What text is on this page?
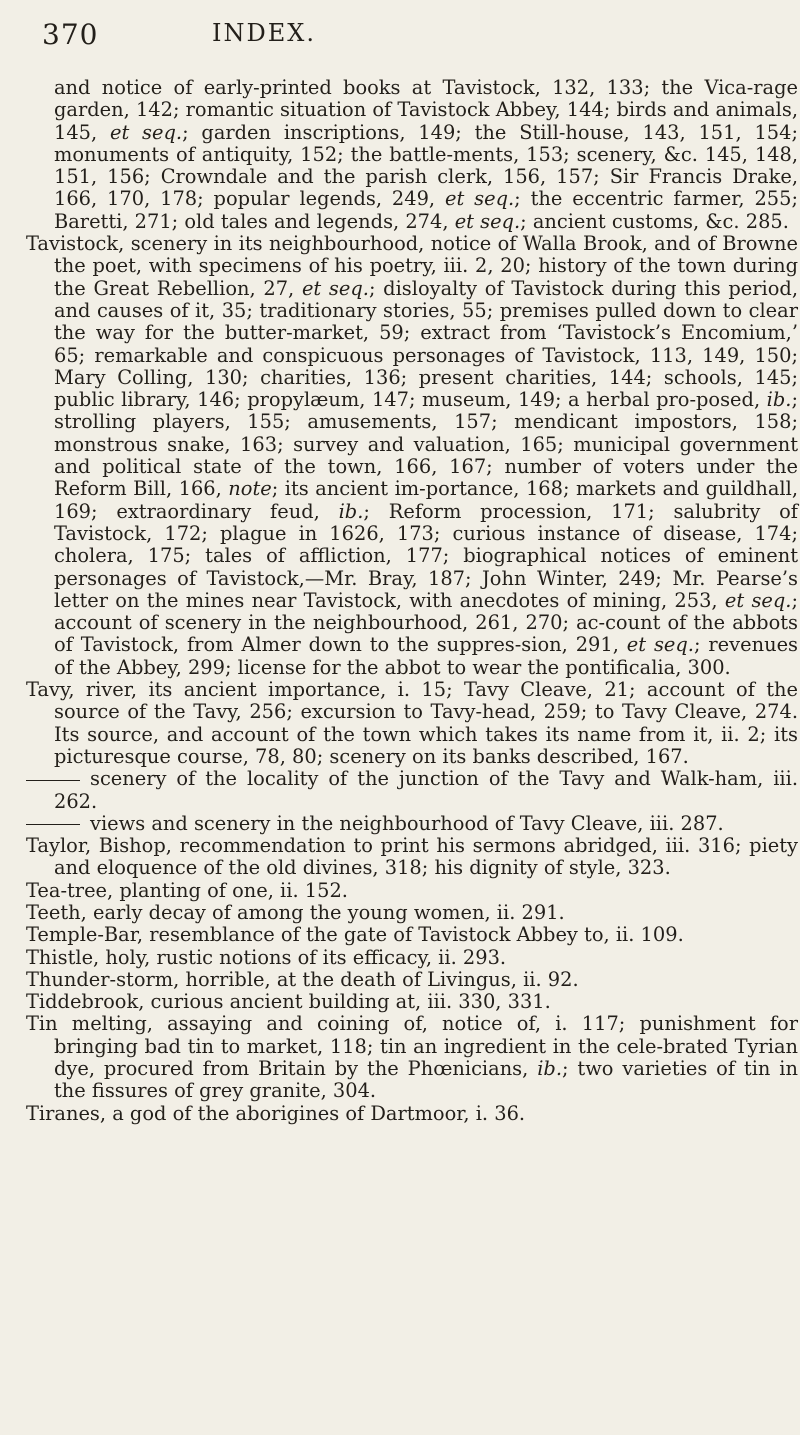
370	INDEX.

and notice of early-printed books at Tavistock, 132, 133; the Vica-rage garden, 142; romantic situation of Tavistock Abbey, 144; birds and animals, 145, et seq.; garden inscriptions, 149; the Still-house, 143, 151, 154; monuments of antiquity, 152; the battle-ments, 153; scenery, &c. 145, 148, 151, 156; Crowndale and the parish clerk, 156, 157; Sir Francis Drake, 166, 170, 178; popular legends, 249, et seq.; the eccentric farmer, 255; Baretti, 271; old tales and legends, 274, et seq.; ancient customs, &c. 285.

Tavistock, scenery in its neighbourhood, notice of Walla Brook, and of Browne the poet, with specimens of his poetry, iii. 2, 20; history of the town during the Great Rebellion, 27, et seq.; disloyalty of Tavistock during this period, and causes of it, 35; traditionary stories, 55; premises pulled down to clear the way for the butter-market, 59; extract from ‘Tavistock’s Encomium,’ 65; remarkable and conspicuous personages of Tavistock, 113, 149, 150; Mary Colling, 130; charities, 136; present charities, 144; schools, 145; public library, 146; propylæum, 147; museum, 149; a herbal pro-posed, ib.; strolling players, 155; amusements, 157; mendicant impostors, 158; monstrous snake, 163; survey and valuation, 165; municipal government and political state of the town, 166, 167; number of voters under the Reform Bill, 166, note; its ancient im-portance, 168; markets and guildhall, 169; extraordinary feud, ib.; Reform procession, 171; salubrity of Tavistock, 172; plague in 1626, 173; curious instance of disease, 174; cholera, 175; tales of affliction, 177; biographical notices of eminent personages of Tavistock,—Mr. Bray, 187; John Winter, 249; Mr. Pearse’s letter on the mines near Tavistock, with anecdotes of mining, 253, et seq.; account of scenery in the neighbourhood, 261, 270; ac-count of the abbots of Tavistock, from Almer down to the suppres-sion, 291, et seq.; revenues of the Abbey, 299; license for the abbot to wear the pontificalia, 300.

Tavy, river, its ancient importance, i. 15; Tavy Cleave, 21; account of the source of the Tavy, 256; excursion to Tavy-head, 259; to Tavy Cleave, 274. Its source, and account of the town which takes its name from it, ii. 2; its picturesque course, 78, 80; scenery on its banks described, 167.

scenery of the locality of the junction of the Tavy and Walk-ham, iii. 262.

views and scenery in the neighbourhood of Tavy Cleave, iii. 287.

Taylor, Bishop, recommendation to print his sermons abridged, iii. 316; piety and eloquence of the old divines, 318; his dignity of style, 323.

Tea-tree, planting of one, ii. 152.

Teeth, early decay of among the young women, ii. 291.

Temple-Bar, resemblance of the gate of Tavistock Abbey to, ii. 109.

Thistle, holy, rustic notions of its efficacy, ii. 293.

Thunder-storm, horrible, at the death of Livingus, ii. 92.

Tiddebrook, curious ancient building at, iii. 330, 331.

Tin melting, assaying and coining of, notice of, i. 117; punishment for bringing bad tin to market, 118; tin an ingredient in the cele-brated Tyrian dye, procured from Britain by the Phœnicians, ib.; two varieties of tin in the fissures of grey granite, 304.

Tiranes, a god of the aborigines of Dartmoor, i. 36.
